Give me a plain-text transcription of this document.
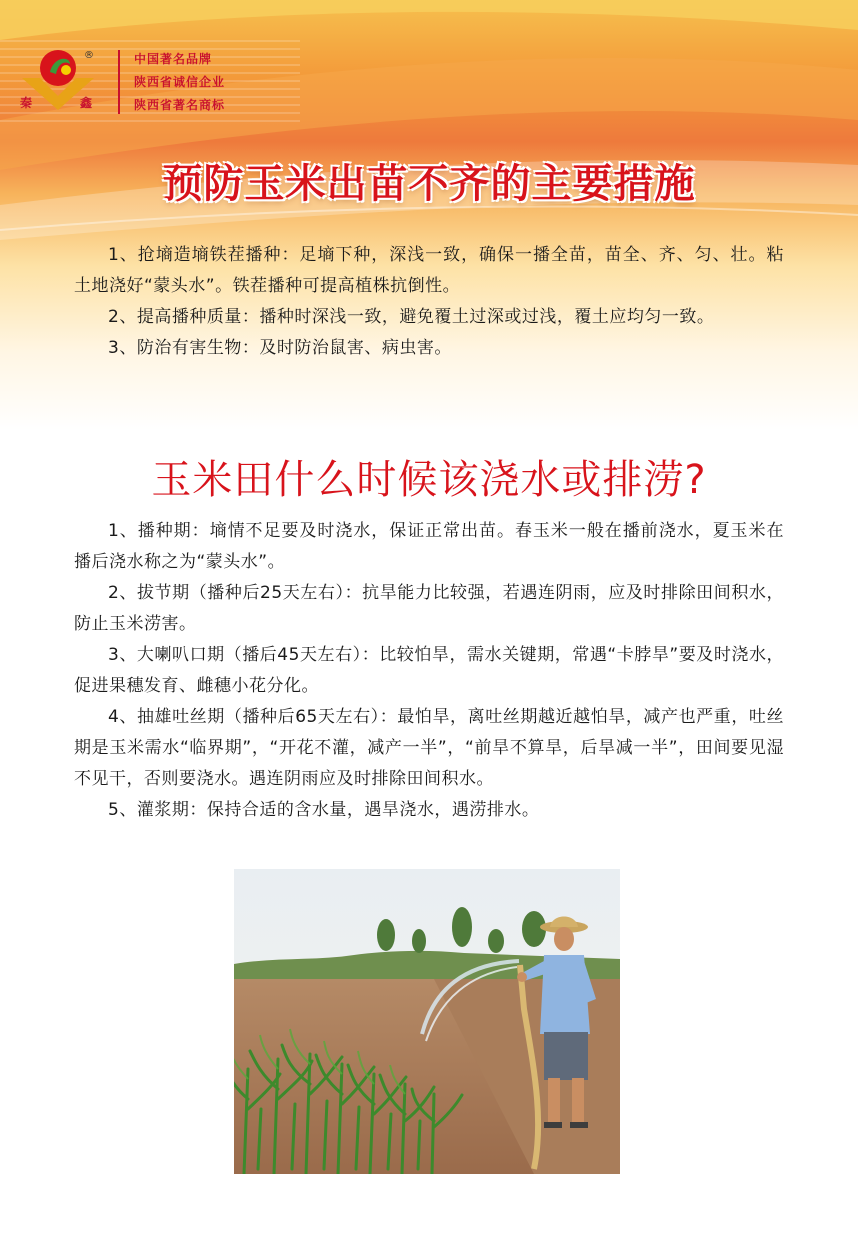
秦	鑫
®	中国著名品牌
陕西省诚信企业
陕西省著名商标
预防玉米出苗不齐的主要措施

1、抢墒造墒铁茬播种：足墒下种，深浅一致，确保一播全苗，苗全、齐、匀、壮。粘土地浇好“蒙头水”。铁茬播种可提高植株抗倒性。

2、提高播种质量：播种时深浅一致，避免覆土过深或过浅，覆土应均匀一致。

3、防治有害生物：及时防治鼠害、病虫害。

玉米田什么时候该浇水或排涝?

1、播种期：墒情不足要及时浇水，保证正常出苗。春玉米一般在播前浇水，夏玉米在播后浇水称之为“蒙头水”。

2、拔节期（播种后25天左右）：抗旱能力比较强，若遇连阴雨，应及时排除田间积水，防止玉米涝害。

3、大喇叭口期（播后45天左右）：比较怕旱，需水关键期，常遇“卡脖旱”要及时浇水，促进果穗发育、雌穗小花分化。

4、抽雄吐丝期（播种后65天左右）：最怕旱，离吐丝期越近越怕旱，减产也严重，吐丝期是玉米需水“临界期”，“开花不灌，减产一半”，“前旱不算旱，后旱减一半”，田间要见湿不见干，否则要浇水。遇连阴雨应及时排除田间积水。

5、灌浆期：保持合适的含水量，遇旱浇水，遇涝排水。
